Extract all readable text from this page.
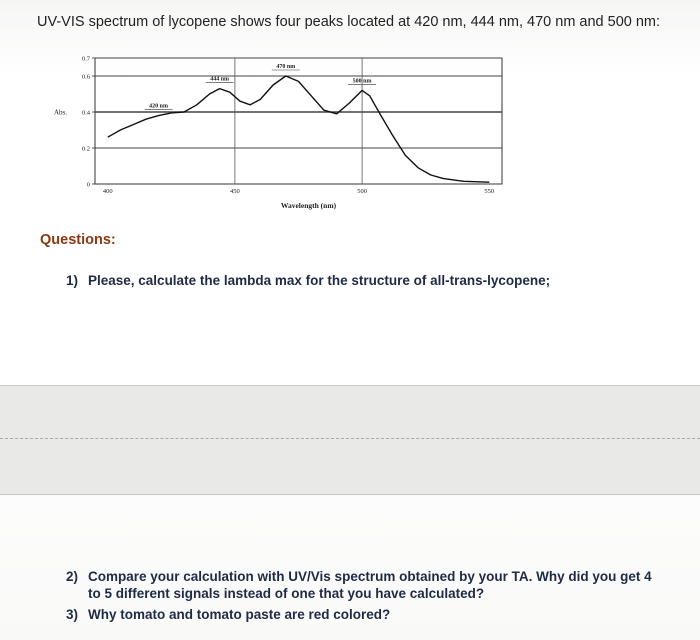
UV-VIS spectrum of lycopene shows four peaks located at 420 nm, 444 nm, 470 nm and 500 nm:
0
0.2
0.4
0.6
0.7
400	450	500	550
Abs.
Wavelength (nm)
420 nm
444 nm
470 nm
500 nm
Questions:
1) Please, calculate the lambda max for the structure of all-trans-lycopene;
2) Compare your calculation with UV/Vis spectrum obtained by your TA. Why did you get 4 to 5 different signals instead of one that you have calculated?
3) Why tomato and tomato paste are red colored?
